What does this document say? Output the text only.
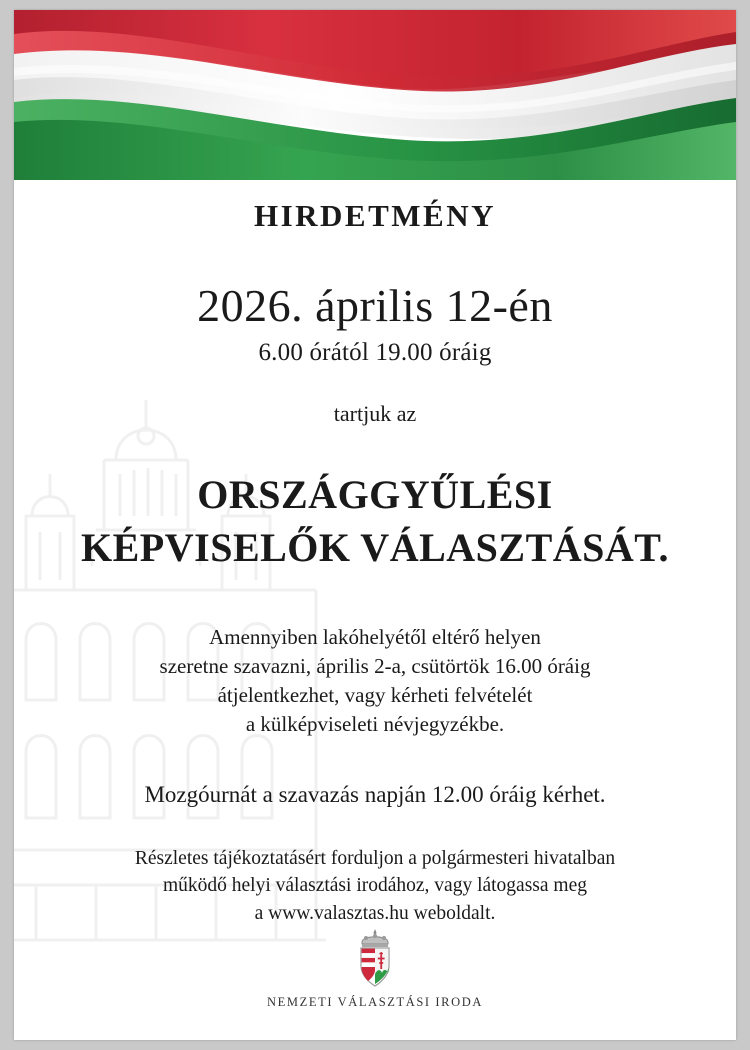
HIRDETMÉNY
2026. április 12-én
6.00 órától 19.00 óráig
tartjuk az
ORSZÁGGYŰLÉSI
KÉPVISELŐK VÁLASZTÁSÁT.
Amennyiben lakóhelyétől eltérő helyen
szeretne szavazni, április 2-a, csütörtök 16.00 óráig
átjelentkezhet, vagy kérheti felvételét
a külképviseleti névjegyzékbe.
Mozgóurnát a szavazás napján 12.00 óráig kérhet.
Részletes tájékoztatásért forduljon a polgármesteri hivatalban
működő helyi választási irodához, vagy látogassa meg
a www.valasztas.hu weboldalt.
NEMZETI VÁLASZTÁSI IRODA
